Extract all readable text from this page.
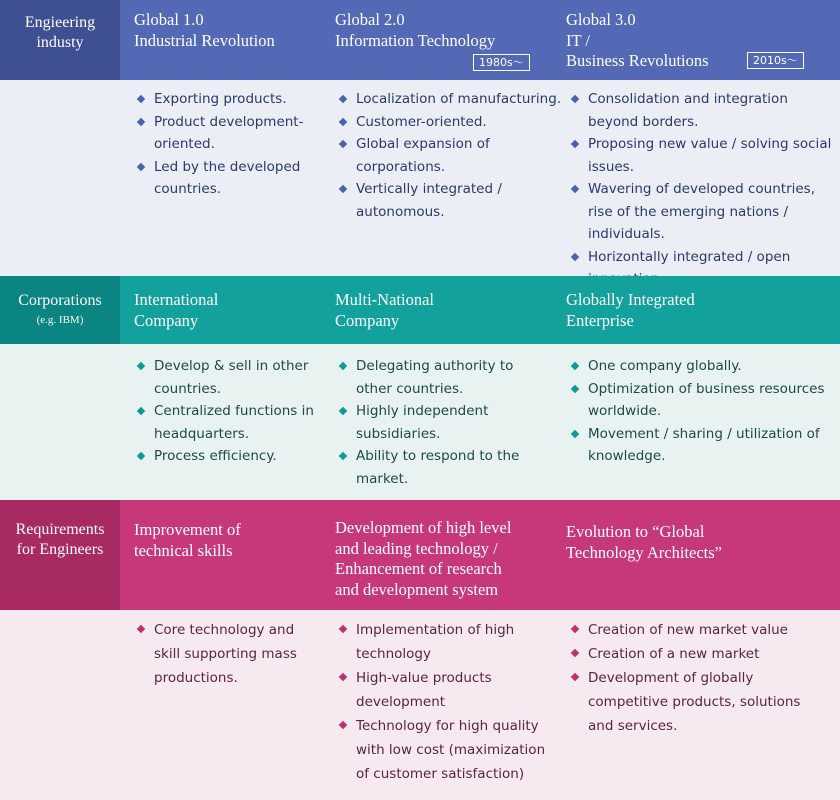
Engieering
industy
Global 1.0
Industrial Revolution
Global 2.0
Information Technology
1980s～
Global 3.0
IT /
Business Revolutions	2010s～
Exporting products.
Product development-oriented.
Led by the developed countries.
Localization of manufacturing.
Customer-oriented.
Global expansion of corporations.
Vertically integrated / autonomous.
Consolidation and integration beyond borders.
Proposing new value / solving social issues.
Wavering of developed countries, rise of the emerging nations / individuals.
Horizontally integrated / open
Corporations
(e.g. IBM)
International
Company
Multi-National
Company
Globally Integrated
Enterprise
Develop & sell in other countries.
Centralized functions in headquarters.
Process efficiency.
Delegating authority to other countries.
Highly independent subsidiaries.
Ability to respond to the market.
One company globally.
Optimization of business resources worldwide.
Movement / sharing / utilization of knowledge.
Requirements
for Engineers
Improvement of
technical skills
Development of high level
and leading technology /
Enhancement of research
and development system
Evolution to “Global
Technology Architects”
Core technology and skill supporting mass productions.
Implementation of high technology
High-value products development
Technology for high quality with low cost (maximization of customer satisfaction)
Creation of new market value
Creation of a new market
Development of globally competitive products, solutions and services.
